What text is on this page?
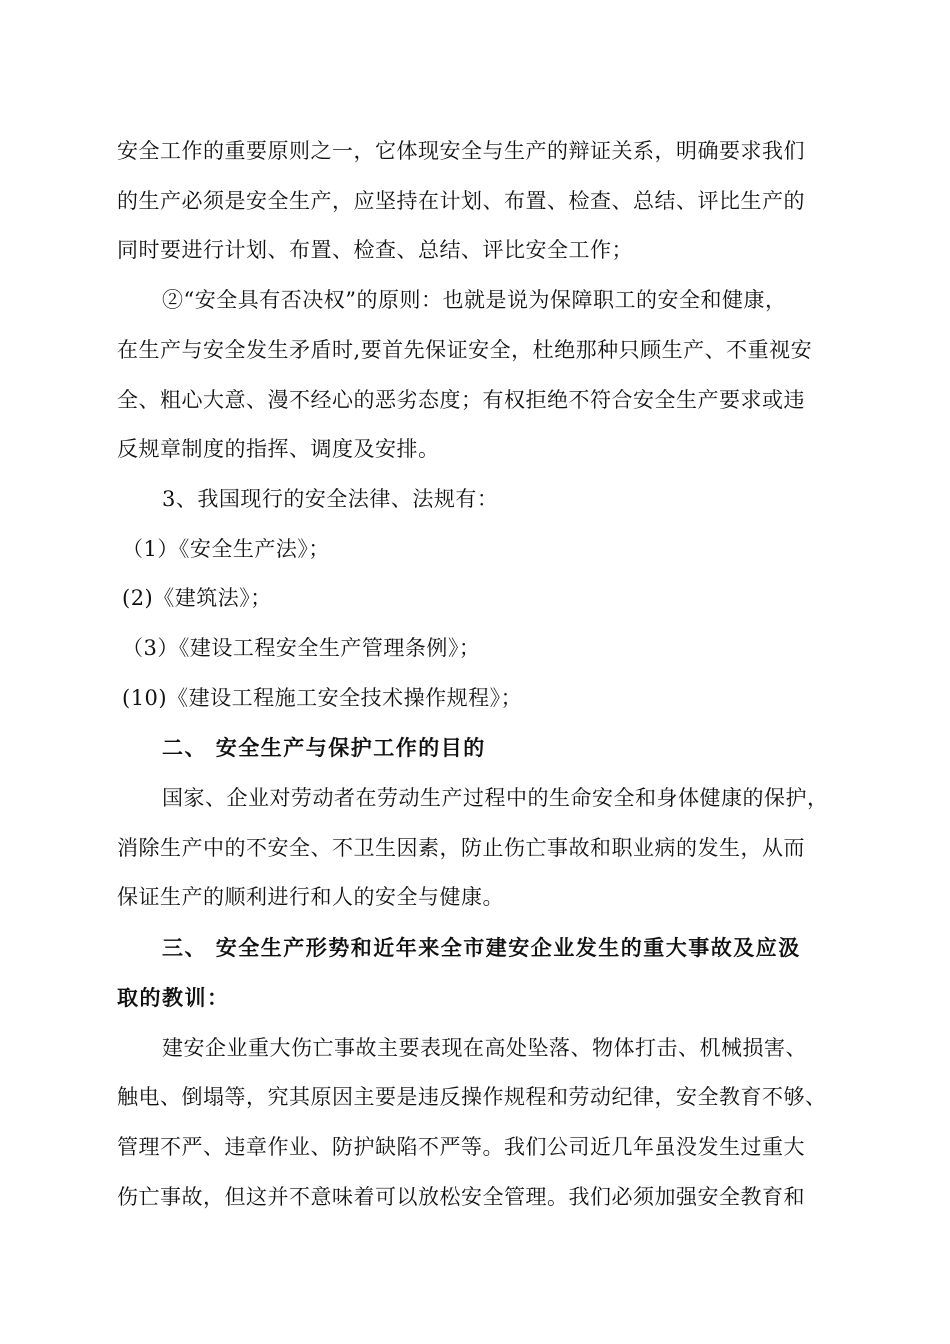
安全工作的重要原则之一，它体现安全与生产的辩证关系，明确要求我们
的生产必须是安全生产，应坚持在计划、布置、检查、总结、评比生产的
同时要进行计划、布置、检查、总结、评比安全工作；
②“安全具有否决权”的原则：也就是说为保障职工的安全和健康，
在生产与安全发生矛盾时,要首先保证安全，杜绝那种只顾生产、不重视安
全、粗心大意、漫不经心的恶劣态度；有权拒绝不符合安全生产要求或违
反规章制度的指挥、调度及安排。
3、我国现行的安全法律、法规有：
（1）《安全生产法》；
(2)《建筑法》；
（3）《建设工程安全生产管理条例》；
(10)《建设工程施工安全技术操作规程》；
二、 安全生产与保护工作的目的
国家、企业对劳动者在劳动生产过程中的生命安全和身体健康的保护，
消除生产中的不安全、不卫生因素，防止伤亡事故和职业病的发生，从而
保证生产的顺利进行和人的安全与健康。
三、 安全生产形势和近年来全市建安企业发生的重大事故及应汲
取的教训：
建安企业重大伤亡事故主要表现在高处坠落、物体打击、机械损害、
触电、倒塌等，究其原因主要是违反操作规程和劳动纪律，安全教育不够、
管理不严、违章作业、防护缺陷不严等。我们公司近几年虽没发生过重大
伤亡事故，但这并不意味着可以放松安全管理。我们必须加强安全教育和
